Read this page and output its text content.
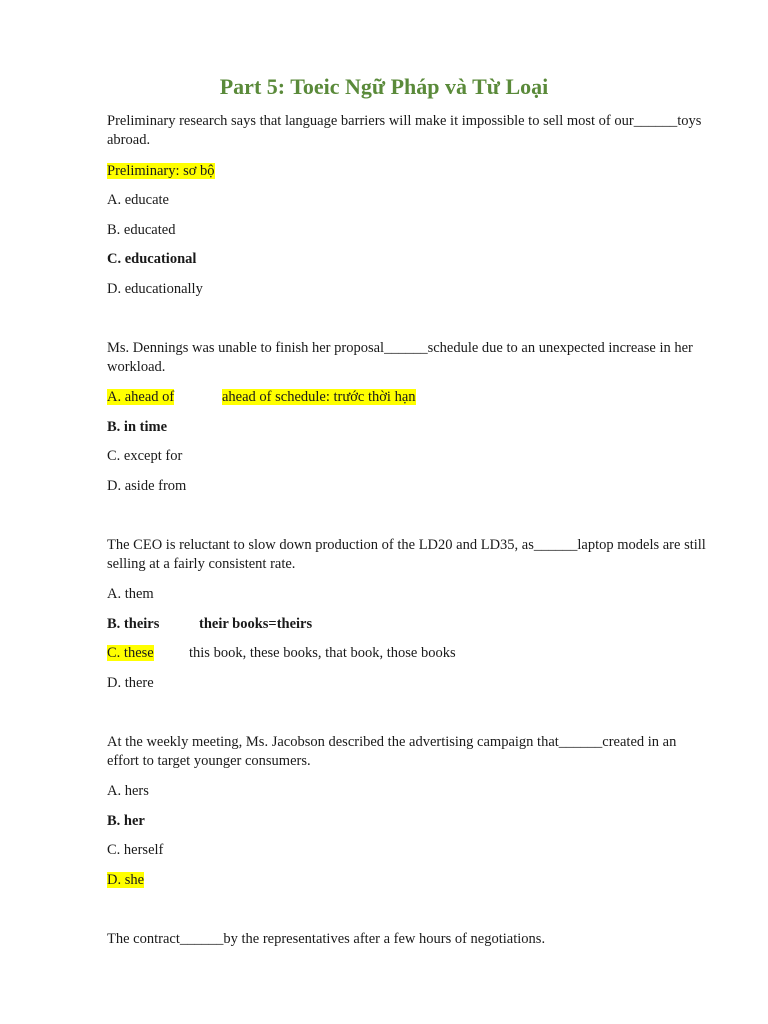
Part 5: Toeic Ngữ Pháp và Từ Loại
Preliminary research says that language barriers will make it impossible to sell most of our______toys abroad.
Preliminary: sơ bộ
A. educate
B. educated
C. educational
D. educationally
Ms. Dennings was unable to finish her proposal______schedule due to an unexpected increase in her workload.
A. ahead of	ahead of schedule: trước thời hạn
B. in time
C. except for
D. aside from
The CEO is reluctant to slow down production of the LD20 and LD35, as______laptop models are still selling at a fairly consistent rate.
A. them
B. theirs	their books=theirs
C. these this book, these books, that book, those books
D. there
At the weekly meeting, Ms. Jacobson described the advertising campaign that______created in an effort to target younger consumers.
A. hers
B. her
C. herself
D. she
The contract______by the representatives after a few hours of negotiations.
